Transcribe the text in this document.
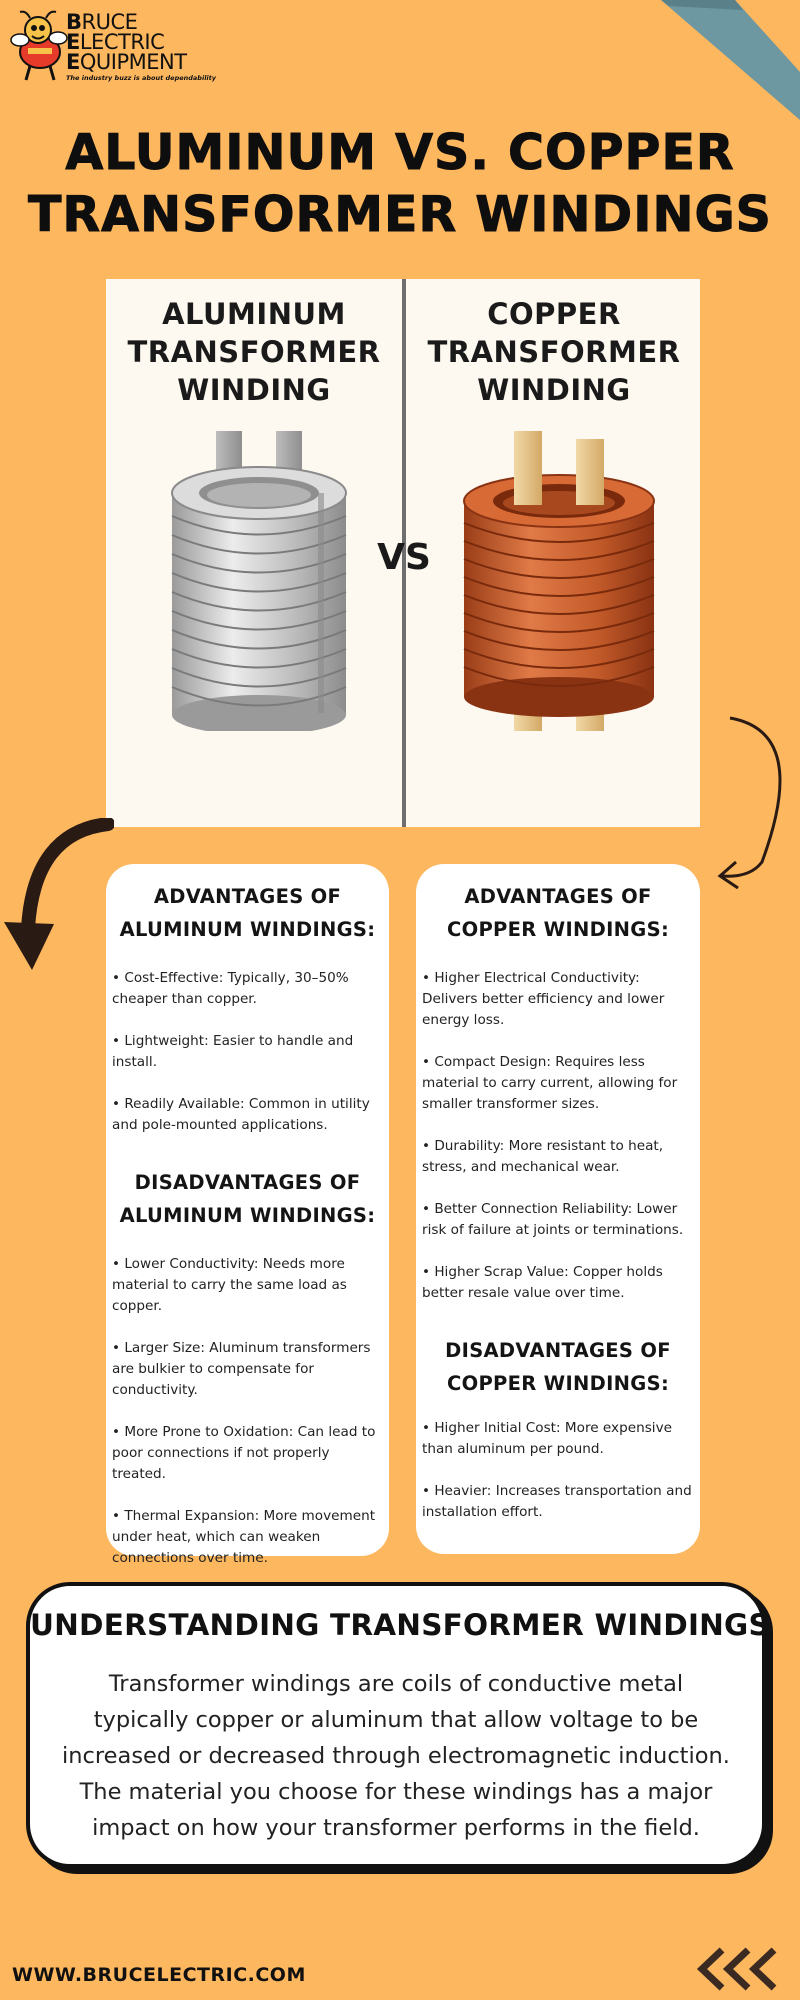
BRUCE
ELECTRIC
EQUIPMENT
The industry buzz is about dependability
ALUMINUM VS. COPPER
TRANSFORMER WINDINGS
ALUMINUM
TRANSFORMER
WINDING
COPPER
TRANSFORMER
WINDING
VS
ADVANTAGES OF
ALUMINUM WINDINGS:
• Cost-Effective: Typically, 30–50% cheaper than copper.
• Lightweight: Easier to handle and install.
• Readily Available: Common in utility and pole-mounted applications.
DISADVANTAGES OF
ALUMINUM WINDINGS:
• Lower Conductivity: Needs more material to carry the same load as copper.
• Larger Size: Aluminum transformers are bulkier to compensate for conductivity.
• More Prone to Oxidation: Can lead to poor connections if not properly treated.
• Thermal Expansion: More movement under heat, which can weaken connections over time.
ADVANTAGES OF
COPPER WINDINGS:
• Higher Electrical Conductivity: Delivers better efficiency and lower energy loss.
• Compact Design: Requires less material to carry current, allowing for smaller transformer sizes.
• Durability: More resistant to heat, stress, and mechanical wear.
• Better Connection Reliability: Lower risk of failure at joints or terminations.
• Higher Scrap Value: Copper holds better resale value over time.
DISADVANTAGES OF
COPPER WINDINGS:
• Higher Initial Cost: More expensive than aluminum per pound.
• Heavier: Increases transportation and installation effort.
UNDERSTANDING TRANSFORMER WINDINGS

Transformer windings are coils of conductive metal typically copper or aluminum that allow voltage to be increased or decreased through electromagnetic induction. The material you choose for these windings has a major impact on how your transformer performs in the field.

WWW.BRUCELECTRIC.COM
